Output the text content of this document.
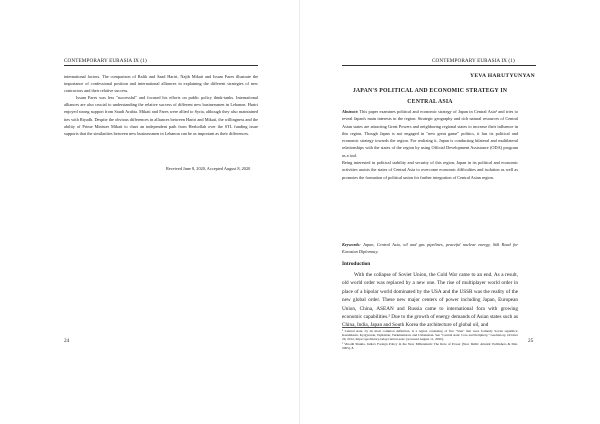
CONTEMPORARY EURASIA IX (1)

international factors. The comparison of Rafik and Saad Hariri, Najib Mikati and Issam Fares illustrate the importance of confessional position and international alliances in explaining the different strategies of new contractors and their relative success.

Issam Fares was less "successful" and focused his efforts on public policy think-tanks. International alliances are also crucial to understanding the relative success of different new businessmen in Lebanon. Hariri enjoyed strong support from Saudi Arabia. Mikati and Fares were allied to Syria, although they also maintained ties with Riyadh. Despite the obvious differences in alliances between Hariri and Mikati, the willingness and the ability of Prime Minister Mikati to chart an independent path from Hezbollah over the STL funding issue supports that the similarities between new businessmen in Lebanon can be as important as their differences.

Received June 8, 2020, Accepted August 8, 2020
24
CONTEMPORARY EURASIA IX (1)
YEVA HARUTYUNYAN
JAPAN'S POLITICAL AND ECONOMIC STRATEGY IN
CENTRAL ASIA

Abstract: This paper examines political and economic strategy of Japan in Central Asia¹ and tries to reveal Japan's main interests in the region. Strategic geography and rich natural resources of Central Asian states are attracting Great Powers and neighboring regional states to increase their influence in this region. Though Japan is not engaged in "new great game" politics, it has its political and economic strategy towards the region. For realizing it, Japan is conducting bilateral and multilateral relationships with the states of the region by using Official Development Assistance (ODA) program as a tool.

Being interested in political stability and security of this region, Japan in its political and economic activities assists the states of Central Asia to overcome economic difficulties and isolation as well as promotes the formation of political union for further integration of Central Asian region.

Keywords: Japan, Central Asia, oil and gas pipelines, peaceful nuclear energy, Silk Road for Eurasian Diplomacy.
Introduction

With the collapse of Soviet Union, the Cold War came to an end. As a result, old world order was replaced by a new one. The rise of multiplayer world order in place of a bipolar world dominated by the USA and the USSR was the reality of the new global order. These new major centers of power including Japan, European Union, China, ASEAN and Russia came to international fora with growing economic capabilities.² Due to the growth of energy demands of Asian states such as China, India, Japan and South Korea the architecture of global oil, and

¹ Central Asia, by its most common definition, is a region consisting of five "Stan" that were formerly Soviet republics: Kazakhstan, Kyrgyzstan, Tajikistan, Turkmenistan, and Uzbekistan. See "Central Asia: Core and Periphery," Geohistory, October 29, 2012, https://geohistory.today/central-asia/ (accessed August 11, 2020).

² Vinodh Shukla, India's Foreign Policy in the New Millennium: The Role of Power (New Delhi: Atlantic Publishers & Dist. 2005), 8.

25
